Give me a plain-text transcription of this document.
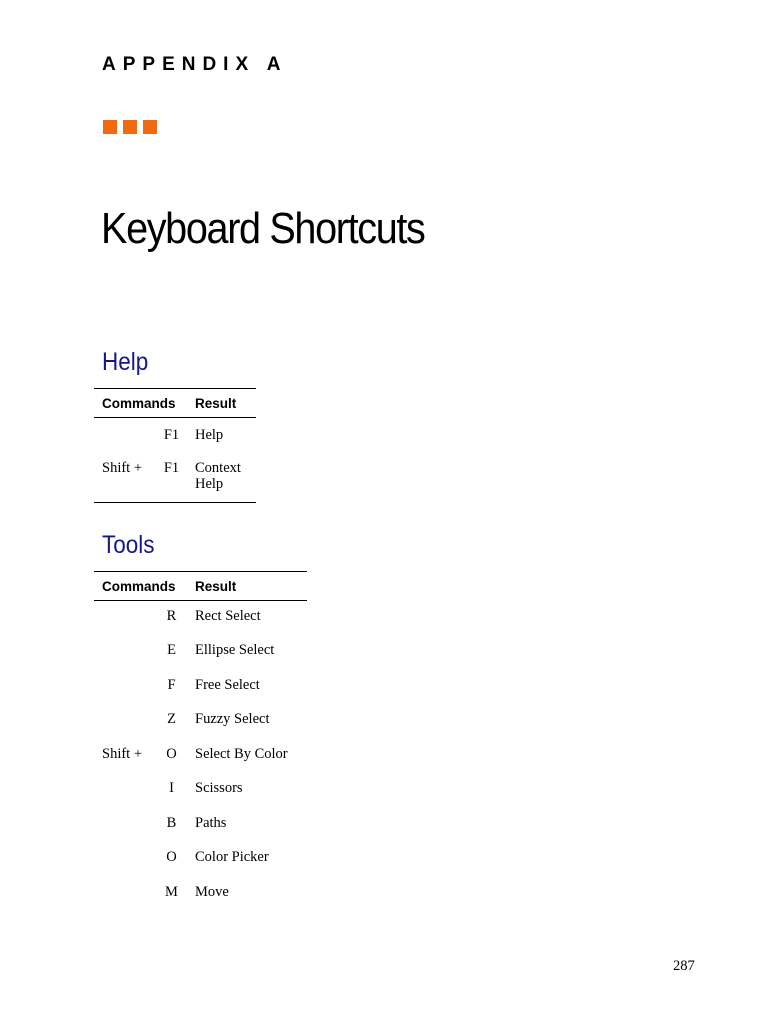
APPENDIX A
Keyboard Shortcuts
Help
Commands		Result
	F1	Help
Shift +	F1	Context Help
Tools
Commands		Result
	R	Rect Select
	E	Ellipse Select
	F	Free Select
	Z	Fuzzy Select
Shift +	O	Select By Color
	I	Scissors
	B	Paths
	O	Color Picker
	M	Move
287
